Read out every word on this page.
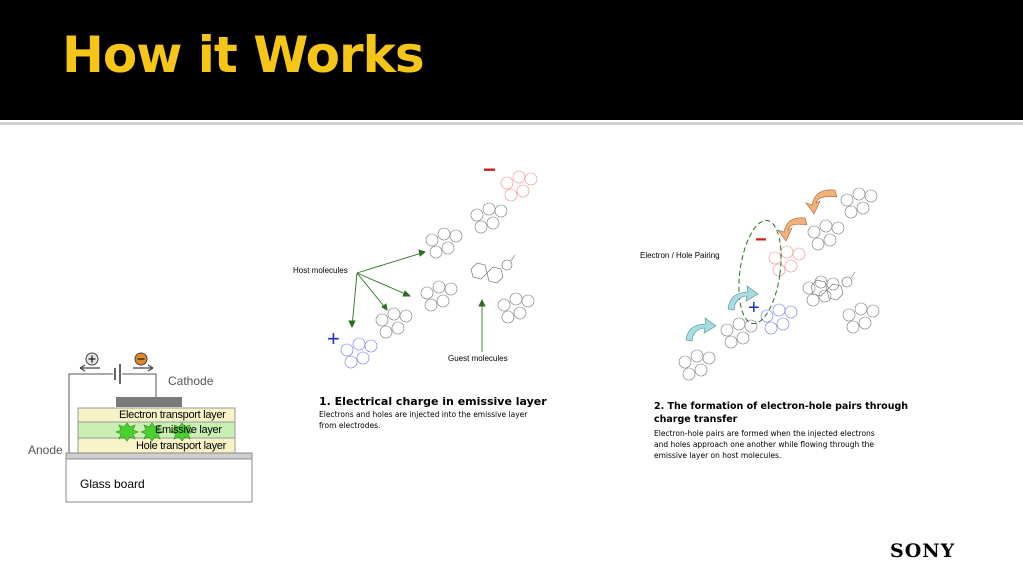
How it Works
Cathode
Anode
Electron transport layer
Emissive layer
Hole transport layer
Glass board
Host molecules
Guest molecules
+
−
1. Electrical charge in emissive layer
Electrons and holes are injected into the emissive layer
from electrodes.
Electron / Hole Pairing
+
−
2. The formation of electron-hole pairs through
charge transfer
Electron-hole pairs are formed when the injected electrons
and holes approach one another while flowing through the
emissive layer on host molecules.
SONY
